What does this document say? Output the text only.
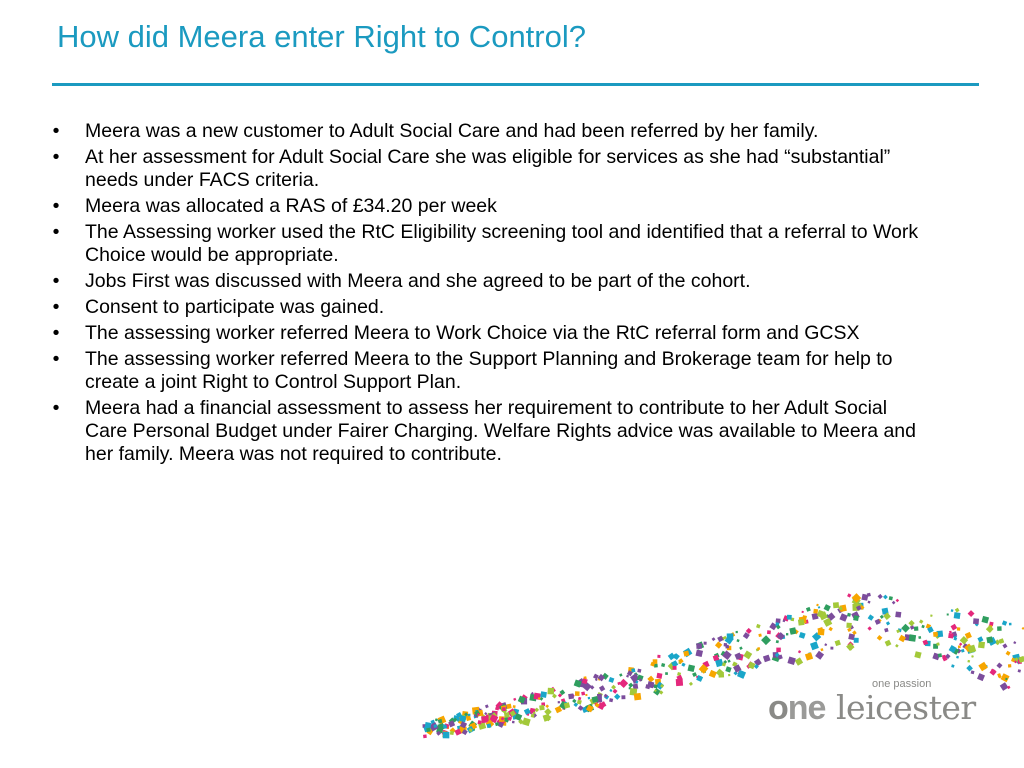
How did Meera enter Right to Control?
•	Meera was a new customer to Adult Social Care and had been referred by her family.
•	At her assessment for Adult Social Care she was eligible for services as she had “substantial” needs under FACS criteria.
•	Meera was allocated a RAS of £34.20 per week
•	The Assessing worker used the RtC Eligibility screening tool and identified that a referral to Work Choice would be appropriate.
•	Jobs First was discussed with Meera and she agreed to be part of the cohort.
•	Consent to participate was gained.
•	The assessing worker referred Meera to Work Choice via the RtC referral form and GCSX
•	The assessing worker referred Meera to the Support Planning and Brokerage team for help to create a joint Right to Control Support Plan.
•	Meera had a financial assessment to assess her requirement to contribute to her Adult Social Care Personal Budget under Fairer Charging. Welfare Rights advice was available to Meera and her family. Meera was not required to contribute.
one passion
one leicester
